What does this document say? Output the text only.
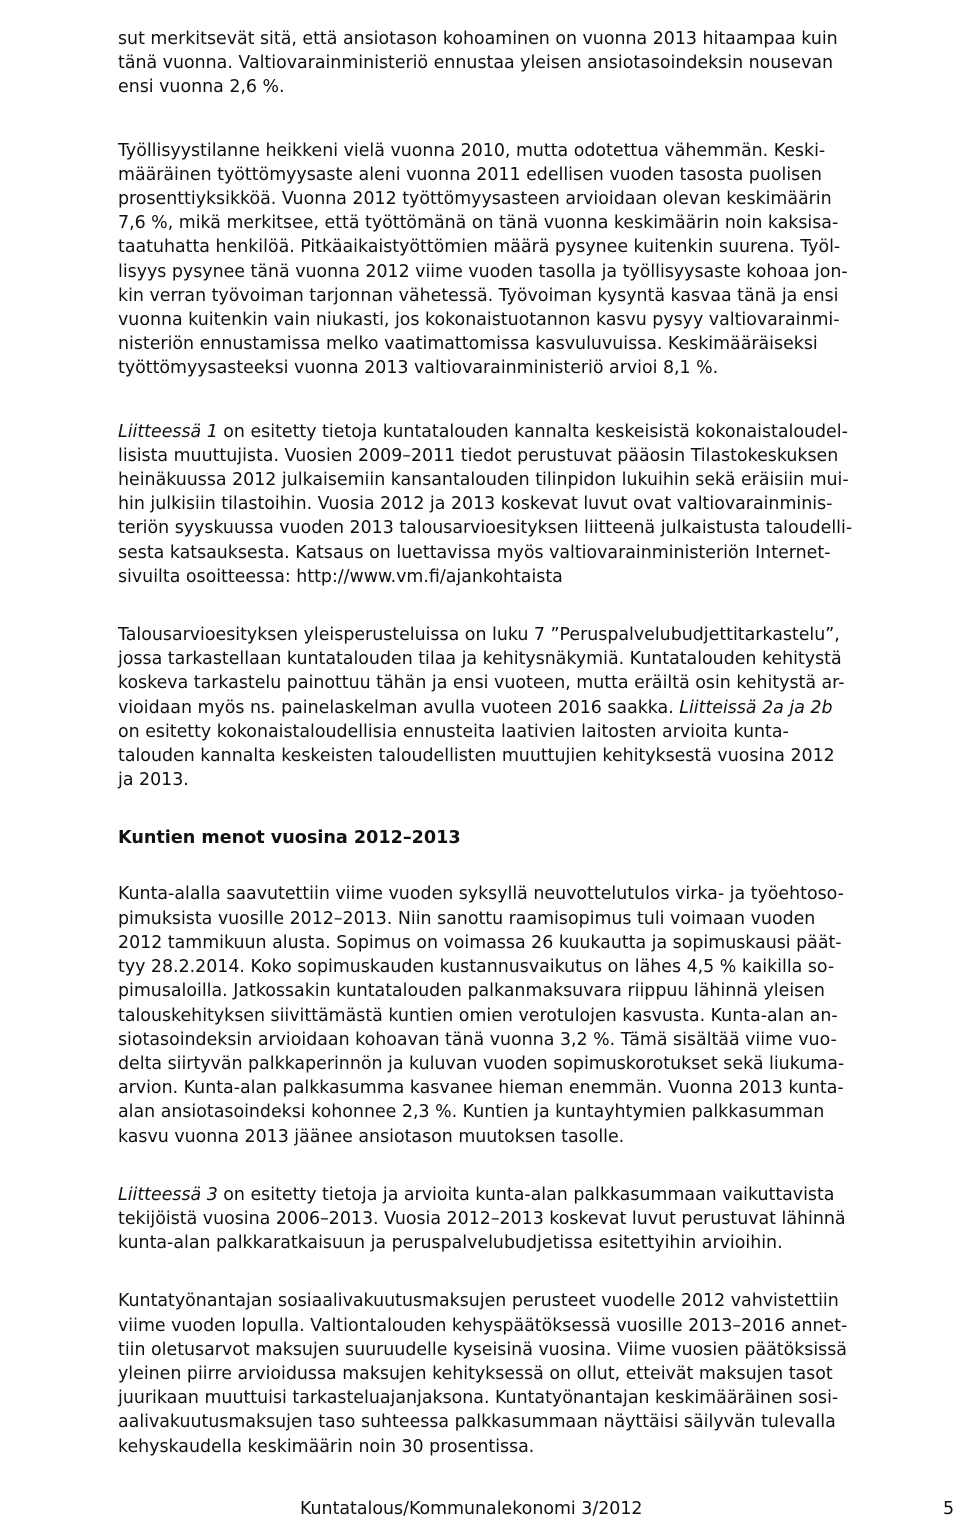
sut merkitsevät sitä, että ansiotason kohoaminen on vuonna 2013 hitaampaa kuin
tänä vuonna. Valtiovarainministeriö ennustaa yleisen ansiotasoindeksin nousevan
ensi vuonna 2,6 %.
Työllisyystilanne heikkeni vielä vuonna 2010, mutta odotettua vähemmän. Keski-
määräinen työttömyysaste aleni vuonna 2011 edellisen vuoden tasosta puolisen
prosenttiyksikköä. Vuonna 2012 työttömyysasteen arvioidaan olevan keskimäärin
7,6 %, mikä merkitsee, että työttömänä on tänä vuonna keskimäärin noin kaksisa-
taatuhatta henkilöä. Pitkäaikaistyöttömien määrä pysynee kuitenkin suurena. Työl-
lisyys pysynee tänä vuonna 2012 viime vuoden tasolla ja työllisyysaste kohoaa jon-
kin verran työvoiman tarjonnan vähetessä. Työvoiman kysyntä kasvaa tänä ja ensi
vuonna kuitenkin vain niukasti, jos kokonaistuotannon kasvu pysyy valtiovarainmi-
nisteriön ennustamissa melko vaatimattomissa kasvuluvuissa. Keskimääräiseksi
työttömyysasteeksi vuonna 2013 valtiovarainministeriö arvioi 8,1 %.
Liitteessä 1 on esitetty tietoja kuntatalouden kannalta keskeisistä kokonaistaloudel-
lisista muuttujista. Vuosien 2009–2011 tiedot perustuvat pääosin Tilastokeskuksen
heinäkuussa 2012 julkaisemiin kansantalouden tilinpidon lukuihin sekä eräisiin mui-
hin julkisiin tilastoihin. Vuosia 2012 ja 2013 koskevat luvut ovat valtiovarainminis-
teriön syyskuussa vuoden 2013 talousarvioesityksen liitteenä julkaistusta taloudelli-
sesta katsauksesta. Katsaus on luettavissa myös valtiovarainministeriön Internet-
sivuilta osoitteessa: http://www.vm.fi/ajankohtaista
Talousarvioesityksen yleisperusteluissa on luku 7 ”Peruspalvelubudjettitarkastelu”,
jossa tarkastellaan kuntatalouden tilaa ja kehitysnäkymiä. Kuntatalouden kehitystä
koskeva tarkastelu painottuu tähän ja ensi vuoteen, mutta eräiltä osin kehitystä ar-
vioidaan myös ns. painelaskelman avulla vuoteen 2016 saakka. Liitteissä 2a ja 2b
on esitetty kokonaistaloudellisia ennusteita laativien laitosten arvioita kunta-
talouden kannalta keskeisten taloudellisten muuttujien kehityksestä vuosina 2012
ja 2013.
Kuntien menot vuosina 2012–2013
Kunta-alalla saavutettiin viime vuoden syksyllä neuvottelutulos virka- ja työehtoso-
pimuksista vuosille 2012–2013. Niin sanottu raamisopimus tuli voimaan vuoden
2012 tammikuun alusta. Sopimus on voimassa 26 kuukautta ja sopimuskausi päät-
tyy 28.2.2014. Koko sopimuskauden kustannusvaikutus on lähes 4,5 % kaikilla so-
pimusaloilla. Jatkossakin kuntatalouden palkanmaksuvara riippuu lähinnä yleisen
talouskehityksen siivittämästä kuntien omien verotulojen kasvusta. Kunta-alan an-
siotasoindeksin arvioidaan kohoavan tänä vuonna 3,2 %. Tämä sisältää viime vuo-
delta siirtyvän palkkaperinnön ja kuluvan vuoden sopimuskorotukset sekä liukuma-
arvion. Kunta-alan palkkasumma kasvanee hieman enemmän. Vuonna 2013 kunta-
alan ansiotasoindeksi kohonnee 2,3 %. Kuntien ja kuntayhtymien palkkasumman
kasvu vuonna 2013 jäänee ansiotason muutoksen tasolle.
Liitteessä 3 on esitetty tietoja ja arvioita kunta-alan palkkasummaan vaikuttavista
tekijöistä vuosina 2006–2013. Vuosia 2012–2013 koskevat luvut perustuvat lähinnä
kunta-alan palkkaratkaisuun ja peruspalvelubudjetissa esitettyihin arvioihin.
Kuntatyönantajan sosiaalivakuutusmaksujen perusteet vuodelle 2012 vahvistettiin
viime vuoden lopulla. Valtiontalouden kehyspäätöksessä vuosille 2013–2016 annet-
tiin oletusarvot maksujen suuruudelle kyseisinä vuosina. Viime vuosien päätöksissä
yleinen piirre arvioidussa maksujen kehityksessä on ollut, etteivät maksujen tasot
juurikaan muuttuisi tarkasteluajanjaksona. Kuntatyönantajan keskimääräinen sosi-
aalivakuutusmaksujen taso suhteessa palkkasummaan näyttäisi säilyvän tulevalla
kehyskaudella keskimäärin noin 30 prosentissa.
Kuntatalous/Kommunalekonomi 3/2012	5
